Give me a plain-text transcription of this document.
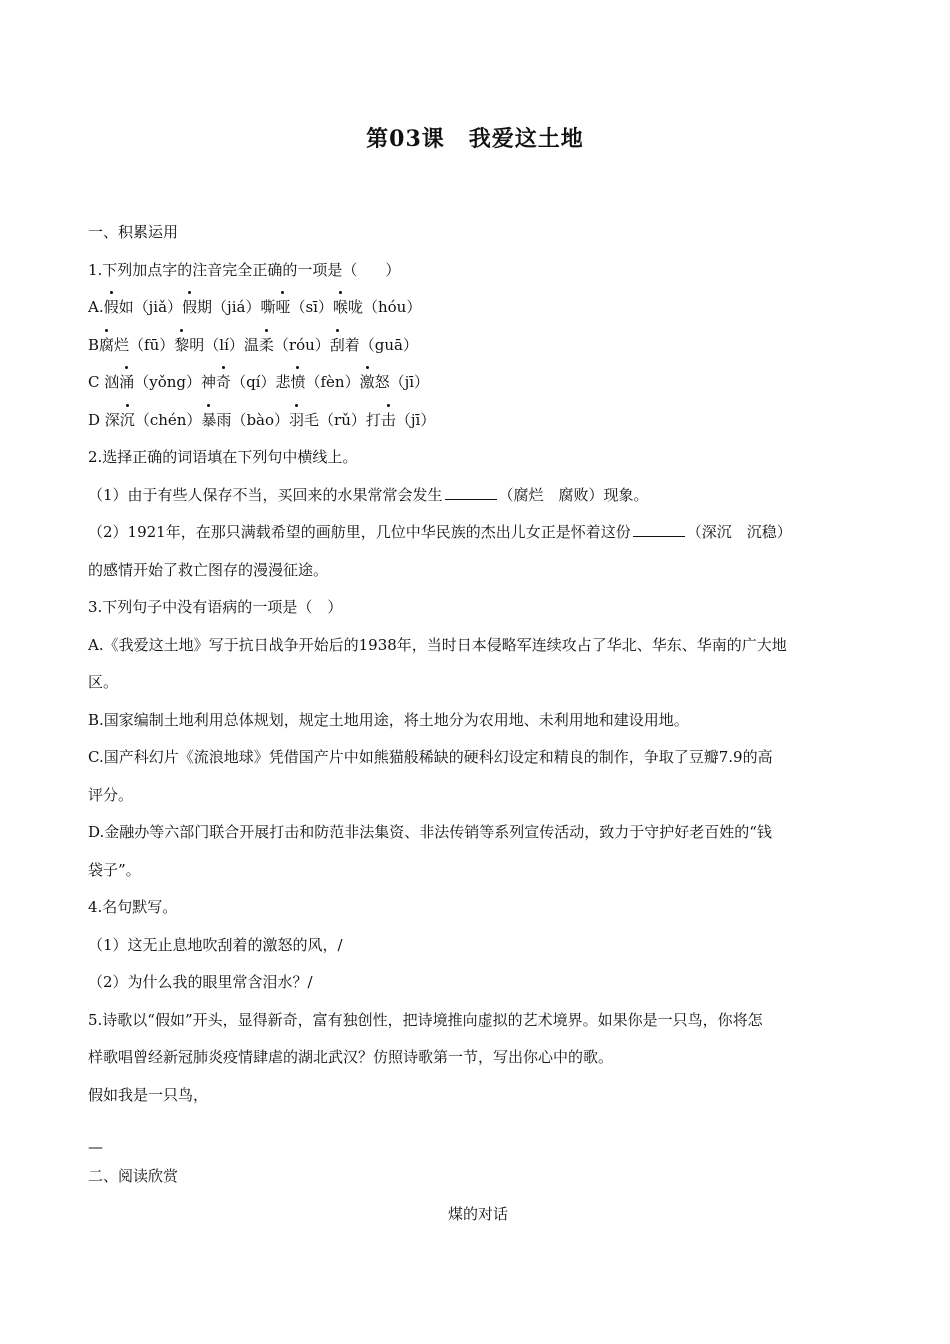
第03课 我爱这土地
一、积累运用
1.下列加点字的注音完全正确的一项是（ ）
A.假如（jiǎ）假期（jiá）嘶哑（sī）喉咙（hóu）
B腐烂（fū）黎明（lí）温柔（róu）刮着（guā）
C 汹涌（yǒng）神奇（qí）悲愤（fèn）激怒（jī）
D 深沉（chén）暴雨（bào）羽毛（rǔ）打击（jī）
2.选择正确的词语填在下列句中横线上。
（1）由于有些人保存不当，买回来的水果常常会发生	（腐烂　腐败）现象。
（2）1921年，在那只满载希望的画舫里，几位中华民族的杰出儿女正是怀着这份	（深沉　沉稳）
的感情开始了救亡图存的漫漫征途。
3.下列句子中没有语病的一项是（　）
A.《我爱这土地》写于抗日战争开始后的1938年，当时日本侵略军连续攻占了华北、华东、华南的广大地
区。
B.国家编制土地利用总体规划，规定土地用途，将土地分为农用地、未利用地和建设用地。
C.国产科幻片《流浪地球》凭借国产片中如熊猫般稀缺的硬科幻设定和精良的制作，争取了豆瓣7.9的高
评分。
D.金融办等六部门联合开展打击和防范非法集资、非法传销等系列宣传活动，致力于守护好老百姓的“钱
袋子”。
4.名句默写。
（1）这无止息地吹刮着的激怒的风，/
（2）为什么我的眼里常含泪水？/
5.诗歌以“假如”开头，显得新奇，富有独创性，把诗境推向虚拟的艺术境界。如果你是一只鸟，你将怎
样歌唱曾经新冠肺炎疫情肆虐的湖北武汉？仿照诗歌第一节，写出你心中的歌。
假如我是一只鸟，
—
二、阅读欣赏
煤的对话
